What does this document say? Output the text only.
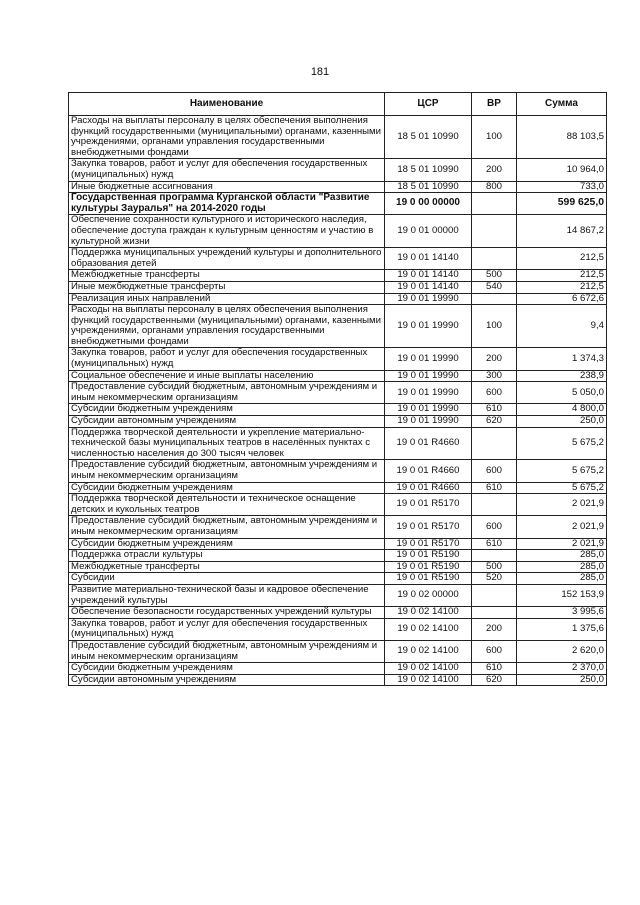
181
Наименование	ЦСР	ВР	Сумма
Расходы на выплаты персоналу в целях обеспечения выполнения функций государственными (муниципальными) органами, казенными учреждениями, органами управления государственными внебюджетными фондами	18 5 01 10990	100	88 103,5
Закупка товаров, работ и услуг для обеспечения государственных (муниципальных) нужд	18 5 01 10990	200	10 964,0
Иные бюджетные ассигнования	18 5 01 10990	800	733,0
Государственная программа Курганской области "Развитие культуры Зауралья" на 2014-2020 годы	19 0 00 00000		599 625,0
Обеспечение сохранности культурного и исторического наследия, обеспечение доступа граждан к культурным ценностям и участию в культурной жизни	19 0 01 00000		14 867,2
Поддержка муниципальных учреждений культуры и дополнительного образования детей	19 0 01 14140		212,5
Межбюджетные трансферты	19 0 01 14140	500	212,5
Иные межбюджетные трансферты	19 0 01 14140	540	212,5
Реализация иных направлений	19 0 01 19990		6 672,6
Расходы на выплаты персоналу в целях обеспечения выполнения функций государственными (муниципальными) органами, казенными учреждениями, органами управления государственными внебюджетными фондами	19 0 01 19990	100	9,4
Закупка товаров, работ и услуг для обеспечения государственных (муниципальных) нужд	19 0 01 19990	200	1 374,3
Социальное обеспечение и иные выплаты населению	19 0 01 19990	300	238,9
Предоставление субсидий бюджетным, автономным учреждениям и иным некоммерческим организациям	19 0 01 19990	600	5 050,0
Субсидии бюджетным учреждениям	19 0 01 19990	610	4 800,0
Субсидии автономным учреждениям	19 0 01 19990	620	250,0
Поддержка творческой деятельности и укрепление материально-технической базы муниципальных театров в населённых пунктах с численностью населения до 300 тысяч человек	19 0 01 R4660		5 675,2
Предоставление субсидий бюджетным, автономным учреждениям и иным некоммерческим организациям	19 0 01 R4660	600	5 675,2
Субсидии бюджетным учреждениям	19 0 01 R4660	610	5 675,2
Поддержка творческой деятельности и техническое оснащение детских и кукольных театров	19 0 01 R5170		2 021,9
Предоставление субсидий бюджетным, автономным учреждениям и иным некоммерческим организациям	19 0 01 R5170	600	2 021,9
Субсидии бюджетным учреждениям	19 0 01 R5170	610	2 021,9
Поддержка отрасли культуры	19 0 01 R5190		285,0
Межбюджетные трансферты	19 0 01 R5190	500	285,0
Субсидии	19 0 01 R5190	520	285,0
Развитие материально-технической базы и кадровое обеспечение учреждений культуры	19 0 02 00000		152 153,9
Обеспечение безопасности государственных учреждений культуры	19 0 02 14100		3 995,6
Закупка товаров, работ и услуг для обеспечения государственных (муниципальных) нужд	19 0 02 14100	200	1 375,6
Предоставление субсидий бюджетным, автономным учреждениям и иным некоммерческим организациям	19 0 02 14100	600	2 620,0
Субсидии бюджетным учреждениям	19 0 02 14100	610	2 370,0
Субсидии автономным учреждениям	19 0 02 14100	620	250,0
